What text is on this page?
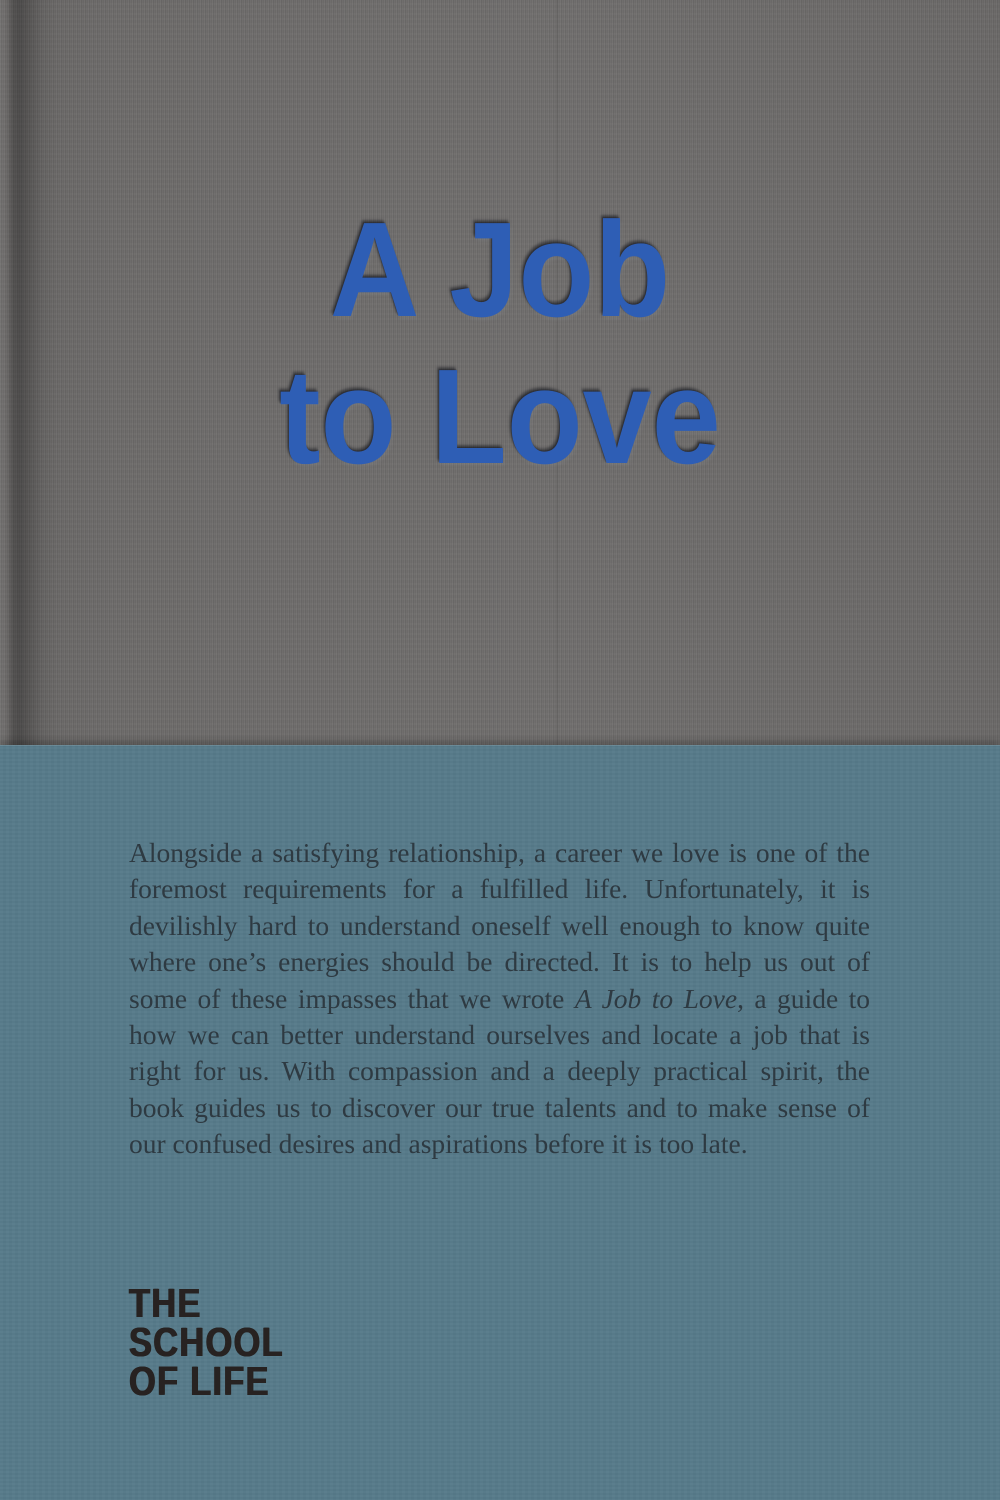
A Job
to Love

Alongside a satisfying relationship, a career we love is one of the foremost requirements for a fulfilled life. Unfortunately, it is devilishly hard to understand oneself well enough to know quite where one’s energies should be directed. It is to help us out of some of these impasses that we wrote A Job to Love, a guide to how we can better understand ourselves and locate a job that is right for us. With compassion and a deeply practical spirit, the book guides us to discover our true talents and to make sense of our confused desires and aspirations before it is too late.

THE
SCHOOL
OF LIFE
